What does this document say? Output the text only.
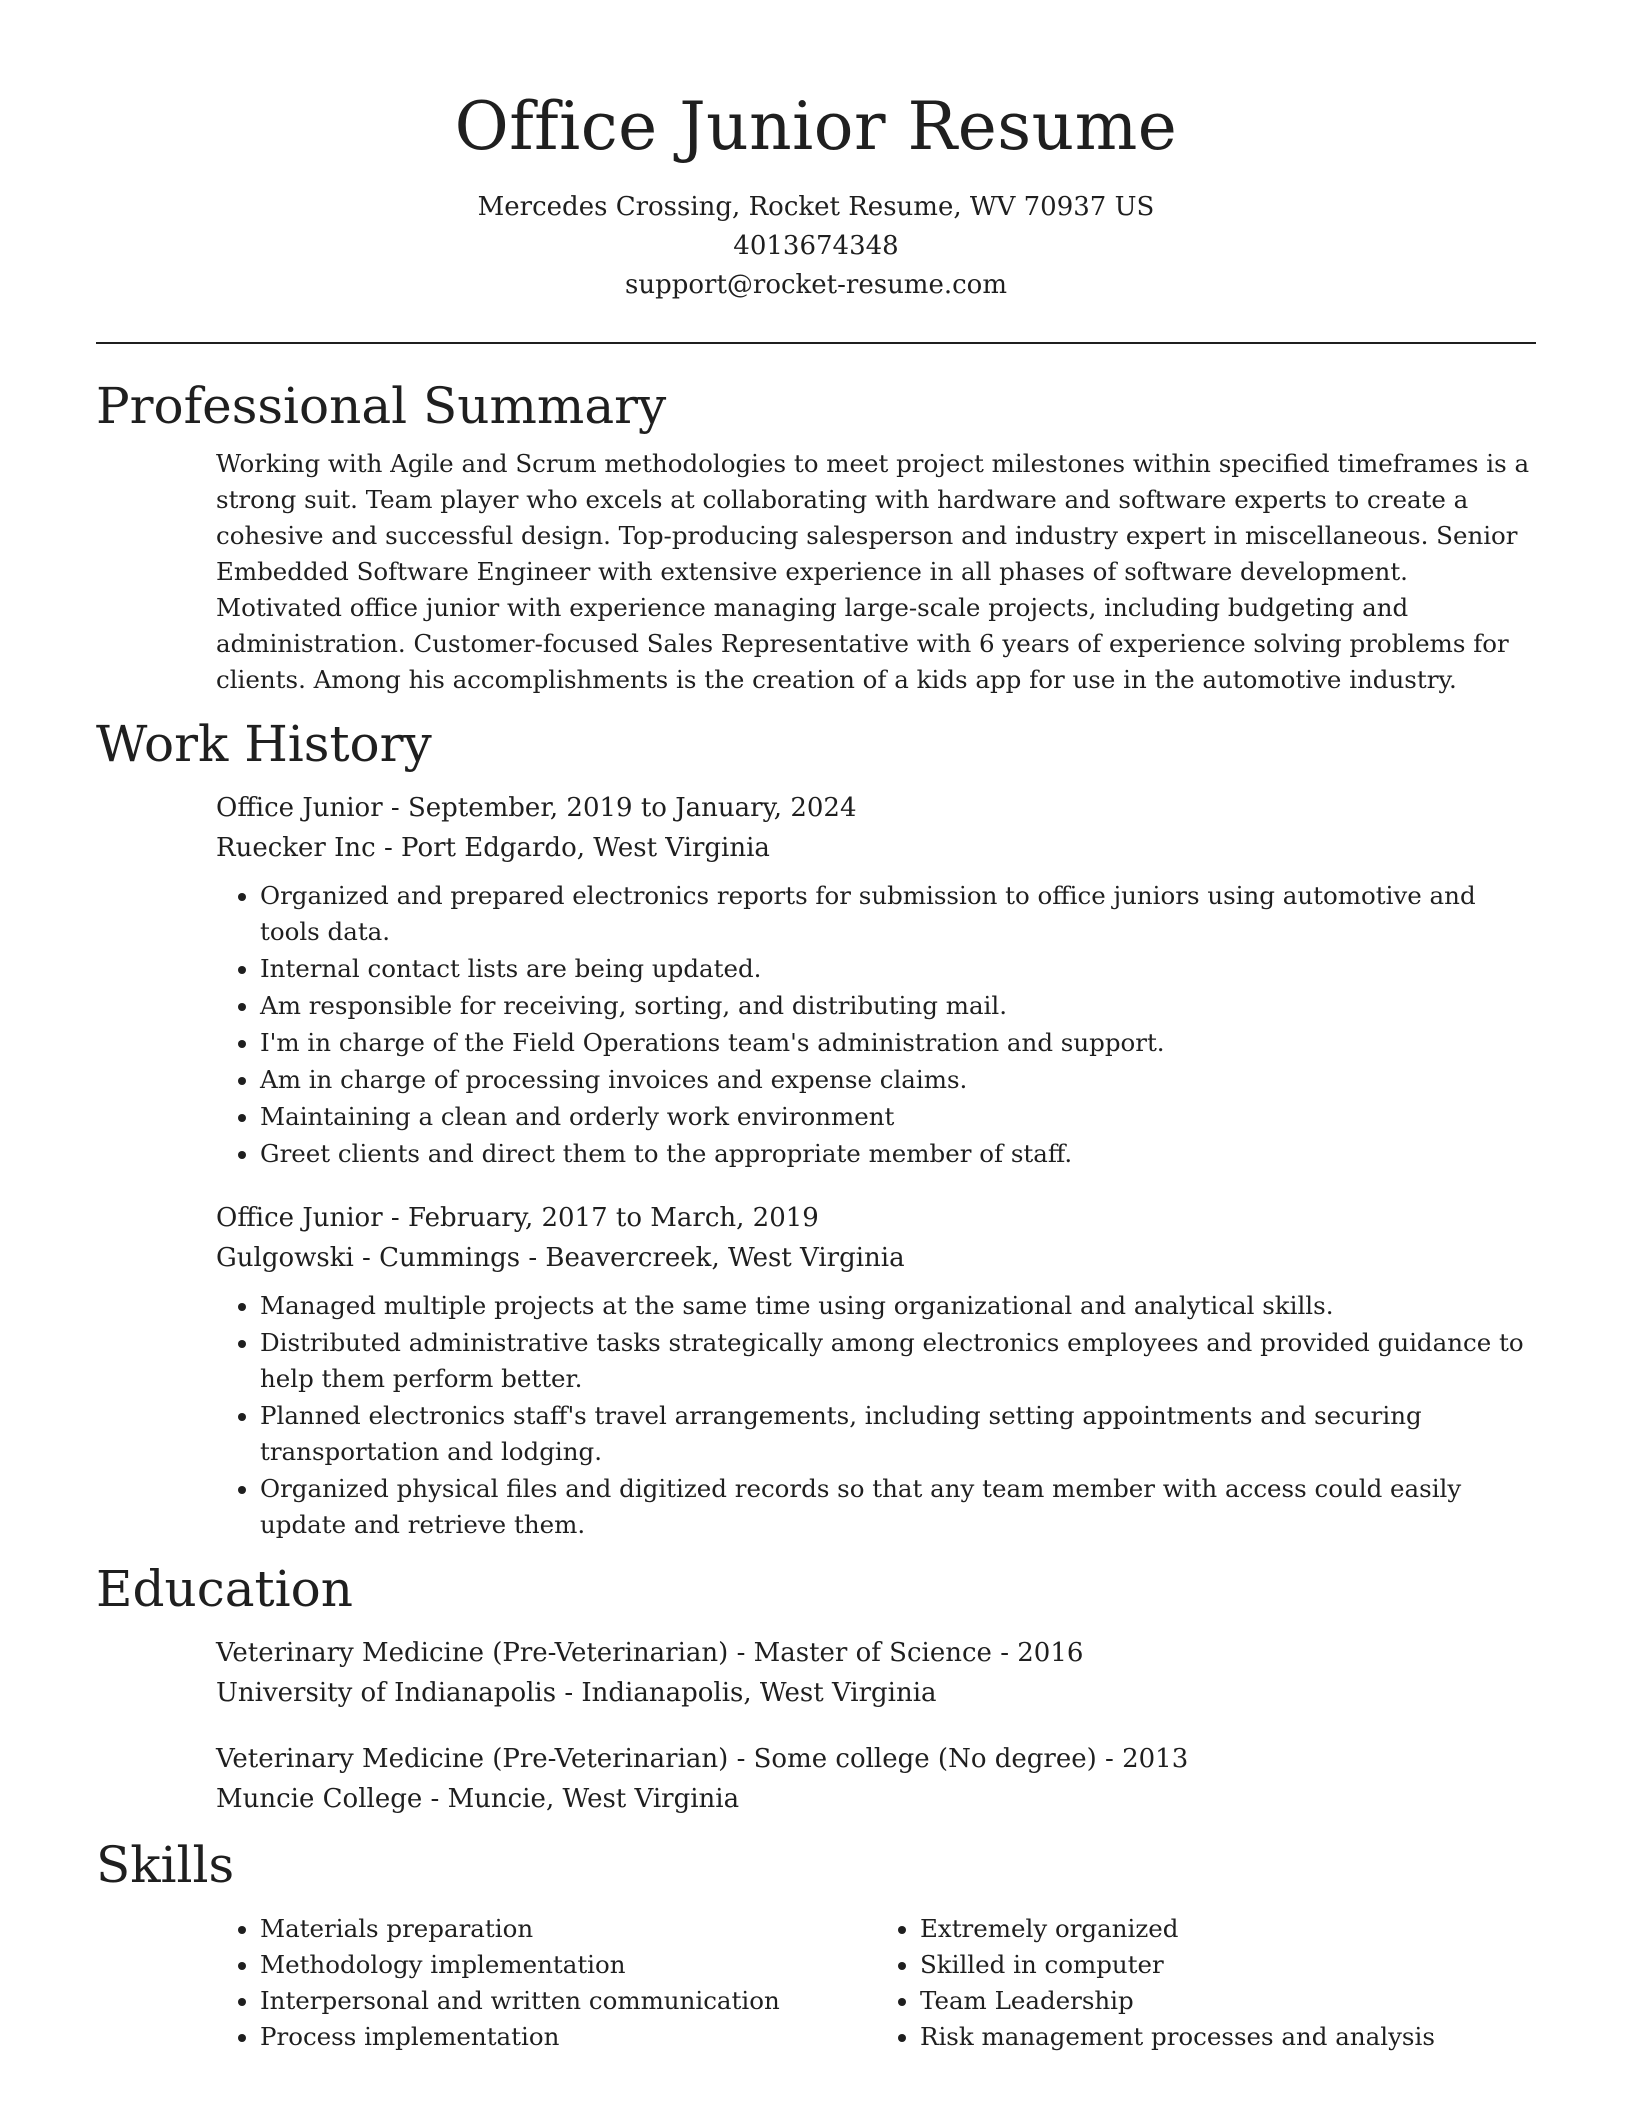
Office Junior Resume
Mercedes Crossing, Rocket Resume, WV 70937 US
4013674348
support@rocket-resume.com
Professional Summary

Working with Agile and Scrum methodologies to meet project milestones within specified timeframes is a strong suit. Team player who excels at collaborating with hardware and software experts to create a cohesive and successful design. Top-producing salesperson and industry expert in miscellaneous. Senior Embedded Software Engineer with extensive experience in all phases of software development. Motivated office junior with experience managing large-scale projects, including budgeting and administration. Customer-focused Sales Representative with 6 years of experience solving problems for clients. Among his accomplishments is the creation of a kids app for use in the automotive industry.

Work History
Office Junior - September, 2019 to January, 2024
Ruecker Inc - Port Edgardo, West Virginia
• Organized and prepared electronics reports for submission to office juniors using automotive and tools data.
• Internal contact lists are being updated.
• Am responsible for receiving, sorting, and distributing mail.
• I'm in charge of the Field Operations team's administration and support.
• Am in charge of processing invoices and expense claims.
• Maintaining a clean and orderly work environment
• Greet clients and direct them to the appropriate member of staff.
Office Junior - February, 2017 to March, 2019
Gulgowski - Cummings - Beavercreek, West Virginia
• Managed multiple projects at the same time using organizational and analytical skills.
• Distributed administrative tasks strategically among electronics employees and provided guidance to help them perform better.
• Planned electronics staff's travel arrangements, including setting appointments and securing transportation and lodging.
• Organized physical files and digitized records so that any team member with access could easily update and retrieve them.
Education
Veterinary Medicine (Pre-Veterinarian) - Master of Science - 2016
University of Indianapolis - Indianapolis, West Virginia
Veterinary Medicine (Pre-Veterinarian) - Some college (No degree) - 2013
Muncie College - Muncie, West Virginia
Skills
• Materials preparation
• Methodology implementation
• Interpersonal and written communication
• Process implementation
• Extremely organized
• Skilled in computer
• Team Leadership
• Risk management processes and analysis
